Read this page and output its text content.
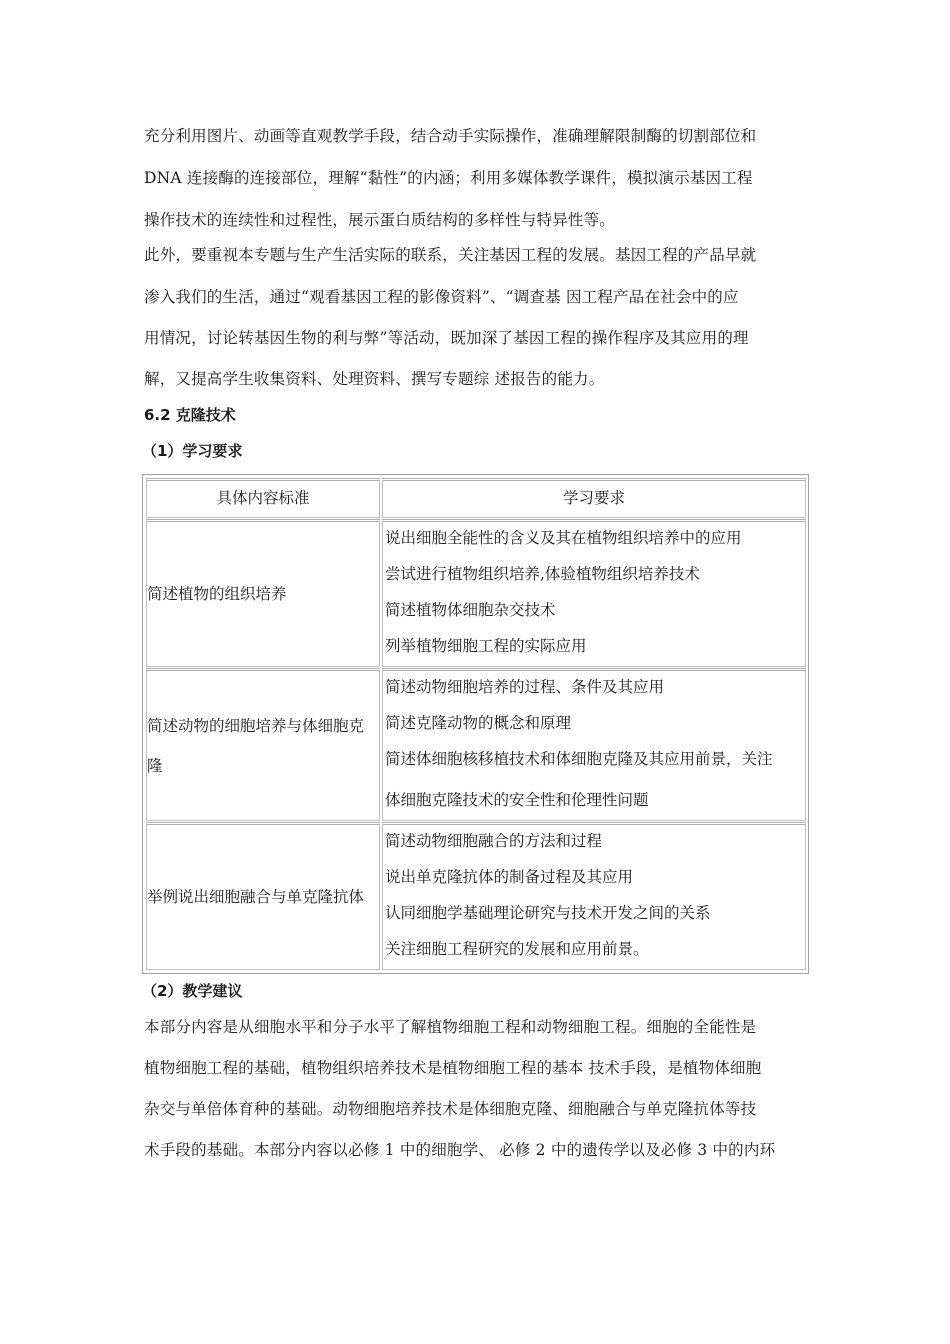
充分利用图片、动画等直观教学手段，结合动手实际操作，准确理解限制酶的切割部位和
DNA 连接酶的连接部位，理解“黏性”的内涵；利用多媒体教学课件，模拟演示基因工程
操作技术的连续性和过程性，展示蛋白质结构的多样性与特异性等。
此外，要重视本专题与生产生活实际的联系，关注基因工程的发展。基因工程的产品早就
渗入我们的生活，通过“观看基因工程的影像资料”、“调查基 因工程产品在社会中的应
用情况，讨论转基因生物的利与弊”等活动，既加深了基因工程的操作程序及其应用的理
解，又提高学生收集资料、处理资料、撰写专题综 述报告的能力。
6.2 克隆技术
（1）学习要求
具体内容标准	学习要求
简述植物的组织培养
说出细胞全能性的含义及其在植物组织培养中的应用
尝试进行植物组织培养,体验植物组织培养技术
简述植物体细胞杂交技术
列举植物细胞工程的实际应用
简述动物的细胞培养与体细胞克隆
简述动物细胞培养的过程、条件及其应用
简述克隆动物的概念和原理
简述体细胞核移植技术和体细胞克隆及其应用前景，关注
体细胞克隆技术的安全性和伦理性问题
举例说出细胞融合与单克隆抗体
简述动物细胞融合的方法和过程
说出单克隆抗体的制备过程及其应用
认同细胞学基础理论研究与技术开发之间的关系
关注细胞工程研究的发展和应用前景。
（2）教学建议
本部分内容是从细胞水平和分子水平了解植物细胞工程和动物细胞工程。细胞的全能性是
植物细胞工程的基础，植物组织培养技术是植物细胞工程的基本 技术手段，是植物体细胞
杂交与单倍体育种的基础。动物细胞培养技术是体细胞克隆、细胞融合与单克隆抗体等技
术手段的基础。本部分内容以必修 1 中的细胞学、 必修 2 中的遗传学以及必修 3 中的内环
